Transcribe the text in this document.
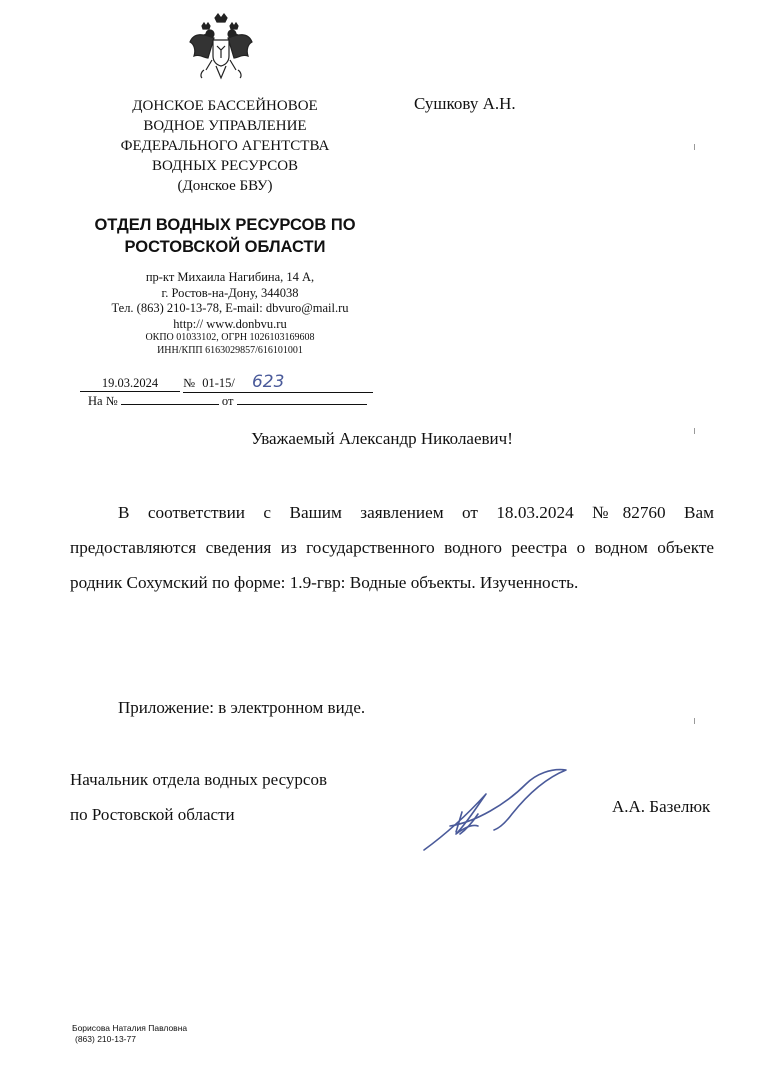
ДОНСКОЕ БАССЕЙНОВОЕ
ВОДНОЕ УПРАВЛЕНИЕ
ФЕДЕРАЛЬНОГО АГЕНТСТВА
ВОДНЫХ РЕСУРСОВ
(Донское БВУ)
ОТДЕЛ ВОДНЫХ РЕСУРСОВ ПО
РОСТОВСКОЙ ОБЛАСТИ
пр-кт Михаила Нагибина, 14 А,
г. Ростов-на-Дону, 344038
Тел. (863) 210-13-78, E-mail: dbvuro@mail.ru
http:// www.donbvu.ru
ОКПО 01033102, ОГРН 1026103169608
ИНН/КПП 6163029857/616101001
19.03.2024 № 01-15/ 623
На №	от
Сушкову А.Н.
Уважаемый Александр Николаевич!

В соответствии с Вашим заявлением от 18.03.2024 №82760 Вам предоставляются сведения из государственного водного реестра о водном объекте родник Сохумский по форме: 1.9-гвр: Водные объекты. Изученность.

Приложение: в электронном виде.
Начальник отдела водных ресурсов
по Ростовской области	А.А. Базелюк
Борисова Наталия Павловна
(863) 210-13-77
